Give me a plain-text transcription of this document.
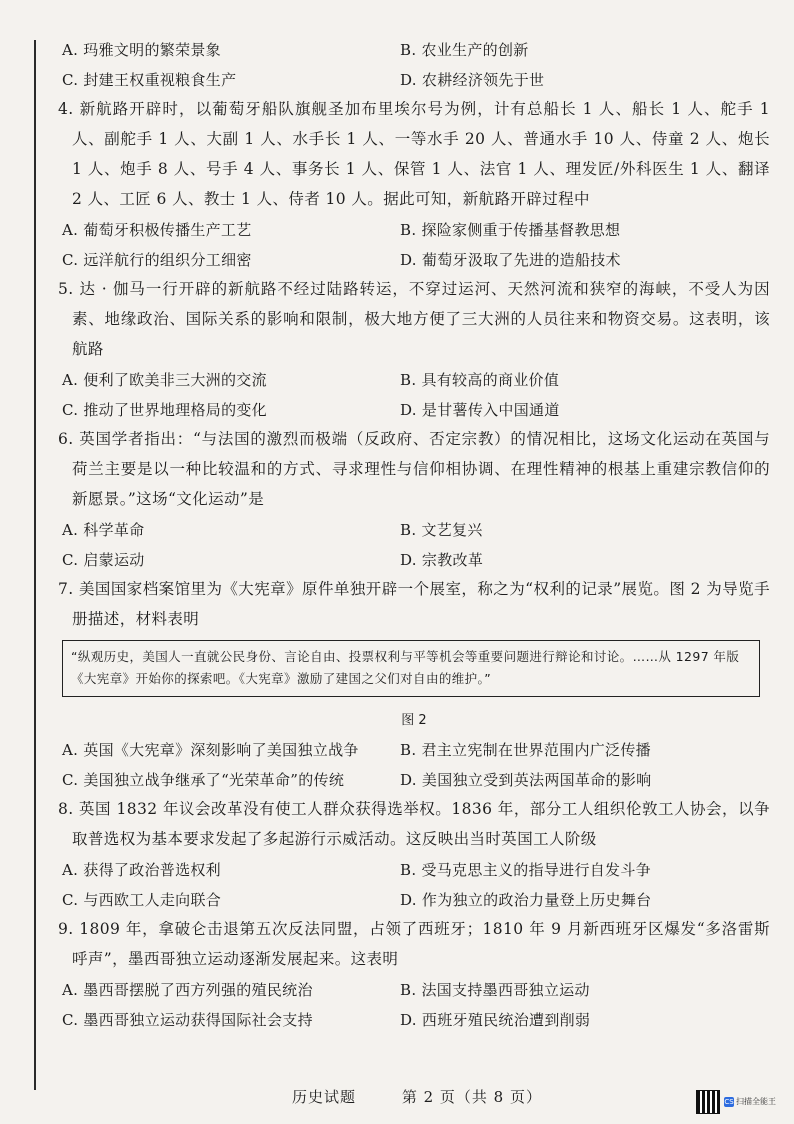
A. 玛雅文明的繁荣景象	B. 农业生产的创新
C. 封建王权重视粮食生产	D. 农耕经济领先于世

4. 新航路开辟时，以葡萄牙船队旗舰圣加布里埃尔号为例，计有总船长 1 人、船长 1 人、舵手 1 人、副舵手 1 人、大副 1 人、水手长 1 人、一等水手 20 人、普通水手 10 人、侍童 2 人、炮长 1 人、炮手 8 人、号手 4 人、事务长 1 人、保管 1 人、法官 1 人、理发匠/外科医生 1 人、翻译 2 人、工匠 6 人、教士 1 人、侍者 10 人。据此可知，新航路开辟过程中

A. 葡萄牙积极传播生产工艺	B. 探险家侧重于传播基督教思想
C. 远洋航行的组织分工细密	D. 葡萄牙汲取了先进的造船技术

5. 达 · 伽马一行开辟的新航路不经过陆路转运，不穿过运河、天然河流和狭窄的海峡，不受人为因素、地缘政治、国际关系的影响和限制，极大地方便了三大洲的人员往来和物资交易。这表明，该航路

A. 便利了欧美非三大洲的交流	B. 具有较高的商业价值
C. 推动了世界地理格局的变化	D. 是甘薯传入中国通道

6. 英国学者指出：“与法国的激烈而极端（反政府、否定宗教）的情况相比，这场文化运动在英国与荷兰主要是以一种比较温和的方式、寻求理性与信仰相协调、在理性精神的根基上重建宗教信仰的新愿景。”这场“文化运动”是

A. 科学革命	B. 文艺复兴
C. 启蒙运动	D. 宗教改革

7. 美国国家档案馆里为《大宪章》原件单独开辟一个展室，称之为“权利的记录”展览。图 2 为导览手册描述，材料表明

“纵观历史，美国人一直就公民身份、言论自由、投票权利与平等机会等重要问题进行辩论和讨论。……从 1297 年版《大宪章》开始你的探索吧。《大宪章》激励了建国之父们对自由的维护。”
图 2
A. 英国《大宪章》深刻影响了美国独立战争	B. 君主立宪制在世界范围内广泛传播
C. 美国独立战争继承了“光荣革命”的传统	D. 美国独立受到英法两国革命的影响

8. 英国 1832 年议会改革没有使工人群众获得选举权。1836 年，部分工人组织伦敦工人协会，以争取普选权为基本要求发起了多起游行示威活动。这反映出当时英国工人阶级

A. 获得了政治普选权利	B. 受马克思主义的指导进行自发斗争
C. 与西欧工人走向联合	D. 作为独立的政治力量登上历史舞台

9. 1809 年，拿破仑击退第五次反法同盟，占领了西班牙；1810 年 9 月新西班牙区爆发“多洛雷斯呼声”，墨西哥独立运动逐渐发展起来。这表明

A. 墨西哥摆脱了西方列强的殖民统治	B. 法国支持墨西哥独立运动
C. 墨西哥独立运动获得国际社会支持	D. 西班牙殖民统治遭到削弱
历史试题	第 2 页（共 8 页）	CS 扫描全能王
